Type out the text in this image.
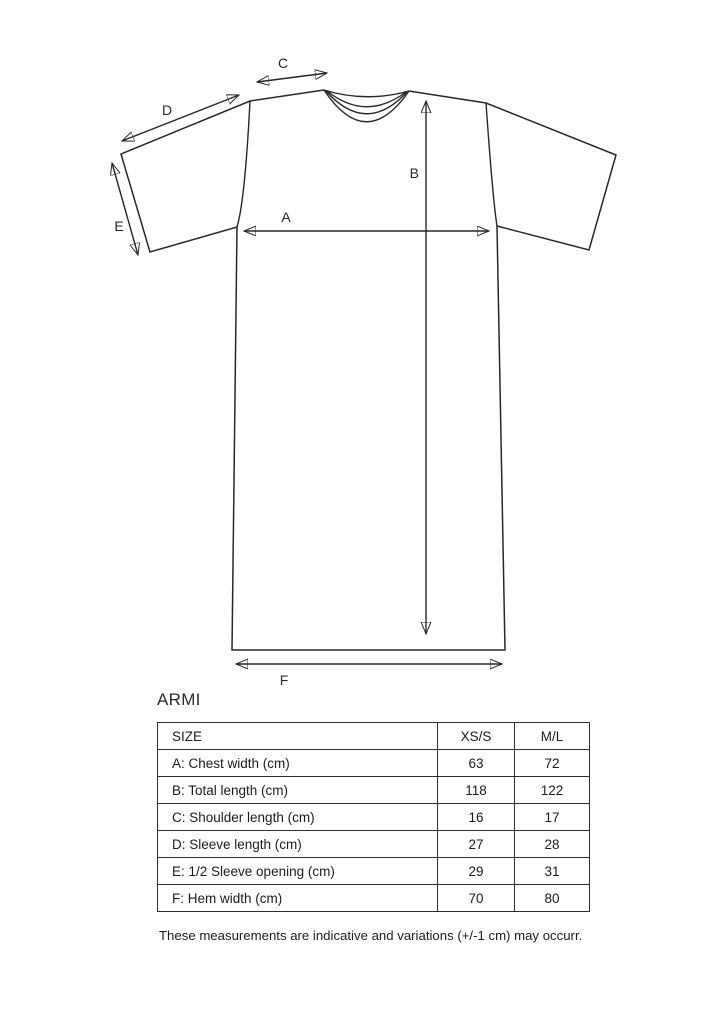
A
B
C
D
E
F
ARMI
SIZE	XS/S	M/L
A: Chest width (cm)	63	72
B: Total length (cm)	118	122
C: Shoulder length (cm)	16	17
D: Sleeve length (cm)	27	28
E: 1/2 Sleeve opening (cm)	29	31
F: Hem width (cm)	70	80
These measurements are indicative and variations (+/-1 cm) may occurr.
